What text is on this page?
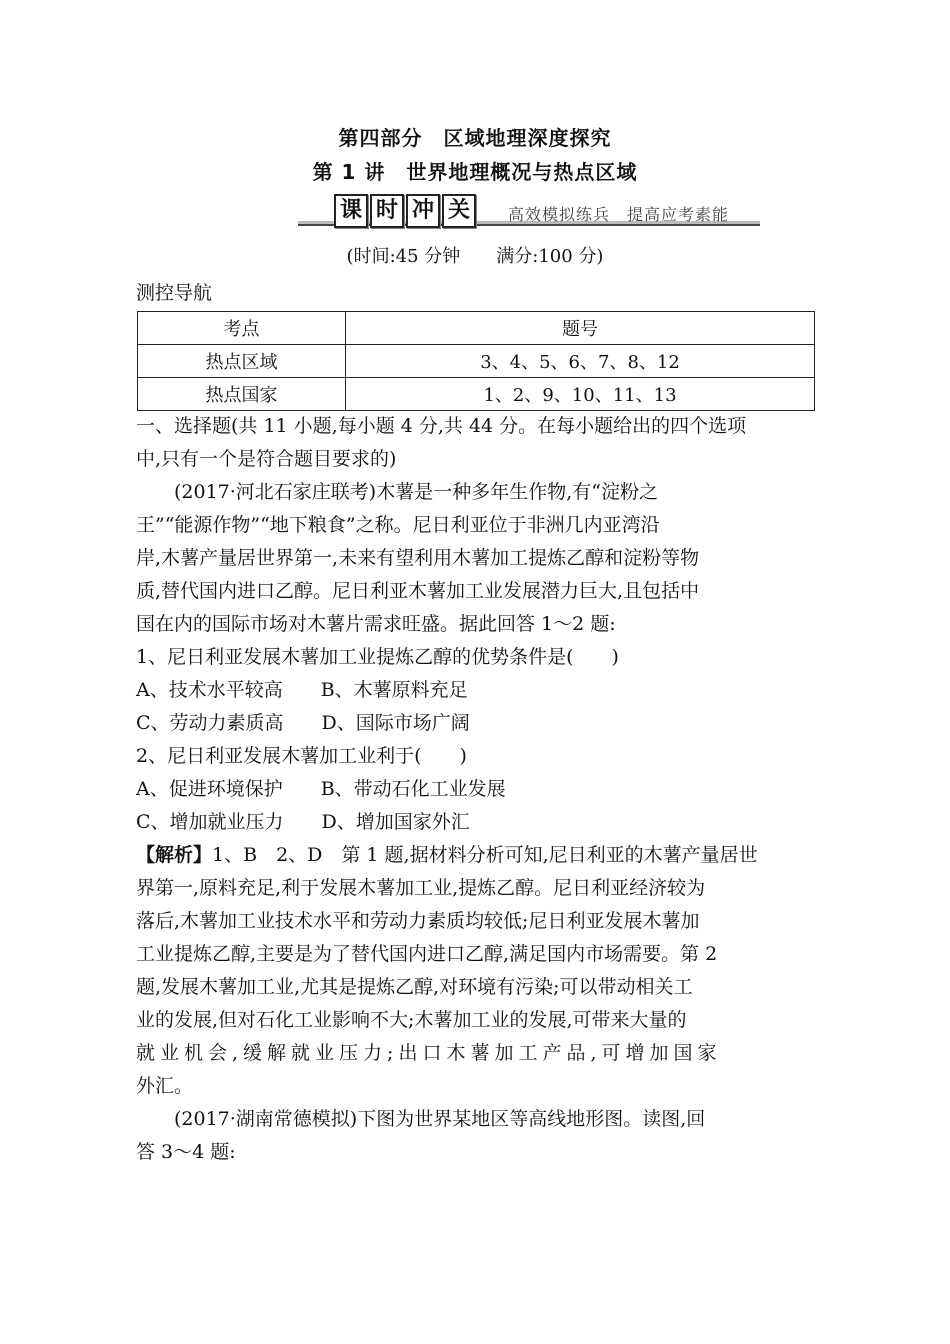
第四部分　区域地理深度探究
第 1 讲　世界地理概况与热点区域
课 时 冲 关	高效模拟练兵　提高应考素能
(时间:45 分钟　　满分:100 分)
测控导航
考点	题号
热点区域	3、4、5、6、7、8、12
热点国家	1、2、9、10、11、13
一、选择题(共 11 小题,每小题 4 分,共 44 分。在每小题给出的四个选项
中,只有一个是符合题目要求的)
(2017·河北石家庄联考)木薯是一种多年生作物,有“淀粉之
王”“能源作物”“地下粮食”之称。尼日利亚位于非洲几内亚湾沿
岸,木薯产量居世界第一,未来有望利用木薯加工提炼乙醇和淀粉等物
质,替代国内进口乙醇。尼日利亚木薯加工业发展潜力巨大,且包括中
国在内的国际市场对木薯片需求旺盛。据此回答 1～2 题:
1、尼日利亚发展木薯加工业提炼乙醇的优势条件是(　　)
A、技术水平较高　　B、木薯原料充足
C、劳动力素质高　　D、国际市场广阔
2、尼日利亚发展木薯加工业利于(　　)
A、促进环境保护　　B、带动石化工业发展
C、增加就业压力　　D、增加国家外汇
【解析】1、B　2、D　第 1 题,据材料分析可知,尼日利亚的木薯产量居世
界第一,原料充足,利于发展木薯加工业,提炼乙醇。尼日利亚经济较为
落后,木薯加工业技术水平和劳动力素质均较低;尼日利亚发展木薯加
工业提炼乙醇,主要是为了替代国内进口乙醇,满足国内市场需要。第 2
题,发展木薯加工业,尤其是提炼乙醇,对环境有污染;可以带动相关工
业的发展,但对石化工业影响不大;木薯加工业的发展,可带来大量的
就业机会,缓解就业压力;出口木薯加工产品,可增加国家
外汇。
(2017·湖南常德模拟)下图为世界某地区等高线地形图。读图,回
答 3～4 题:
